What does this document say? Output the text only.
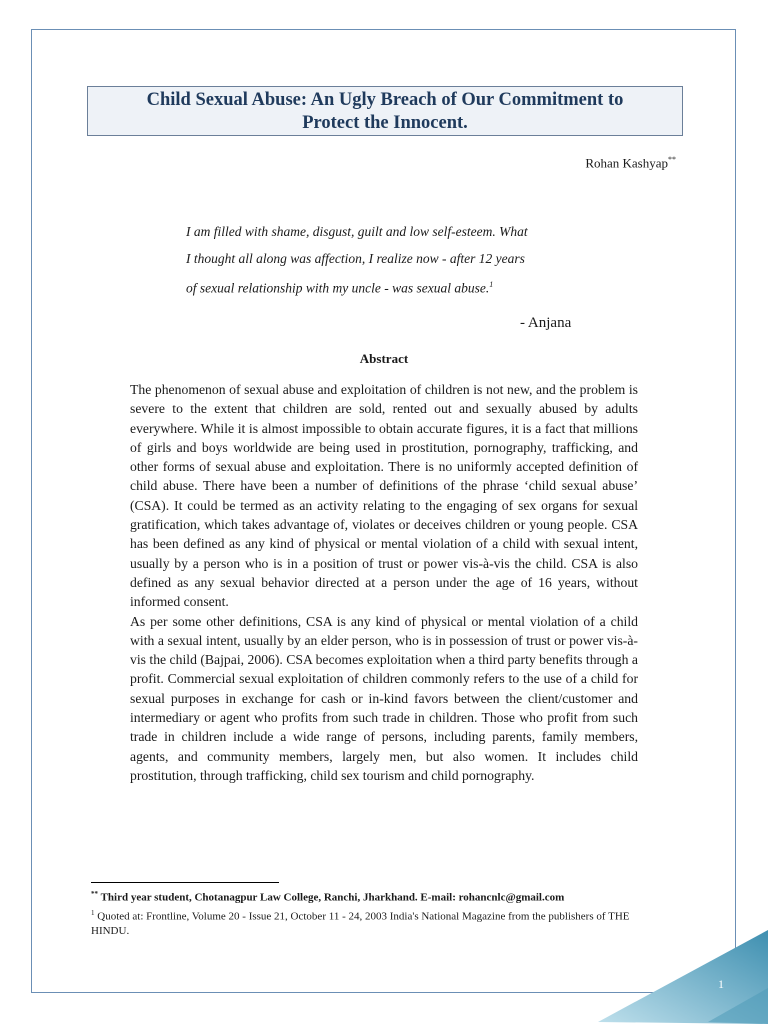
Child Sexual Abuse: An Ugly Breach of Our Commitment to
Protect the Innocent.
Rohan Kashyap**
I am filled with shame, disgust, guilt and low self-esteem. What
I thought all along was affection, I realize now - after 12 years
of sexual relationship with my uncle - was sexual abuse.$^1$
- Anjana
Abstract

The phenomenon of sexual abuse and exploitation of children is not new, and the problem is severe to the extent that children are sold, rented out and sexually abused by adults everywhere. While it is almost impossible to obtain accurate figures, it is a fact that millions of girls and boys worldwide are being used in prostitution, pornography, trafficking, and other forms of sexual abuse and exploitation. There is no uniformly accepted definition of child abuse. There have been a number of definitions of the phrase ‘child sexual abuse’ (CSA). It could be termed as an activity relating to the engaging of sex organs for sexual gratification, which takes advantage of, violates or deceives children or young people. CSA has been defined as any kind of physical or mental violation of a child with sexual intent, usually by a person who is in a position of trust or power vis-à-vis the child. CSA is also defined as any sexual behavior directed at a person under the age of 16 years, without informed consent.

As per some other definitions, CSA is any kind of physical or mental violation of a child with a sexual intent, usually by an elder person, who is in possession of trust or power vis-à-vis the child (Bajpai, 2006). CSA becomes exploitation when a third party benefits through a profit. Commercial sexual exploitation of children commonly refers to the use of a child for sexual purposes in exchange for cash or in-kind favors between the client/customer and intermediary or agent who profits from such trade in children. Those who profit from such trade in children include a wide range of persons, including parents, family members, agents, and community members, largely men, but also women. It includes child prostitution, through trafficking, child sex tourism and child pornography.

** Third year student, Chotanagpur Law College, Ranchi, Jharkhand. E-mail: rohancnlc@gmail.com

$^1$ Quoted at: Frontline, Volume 20 - Issue 21, October 11 - 24, 2003 India's National Magazine from the publishers of THE HINDU.

1
